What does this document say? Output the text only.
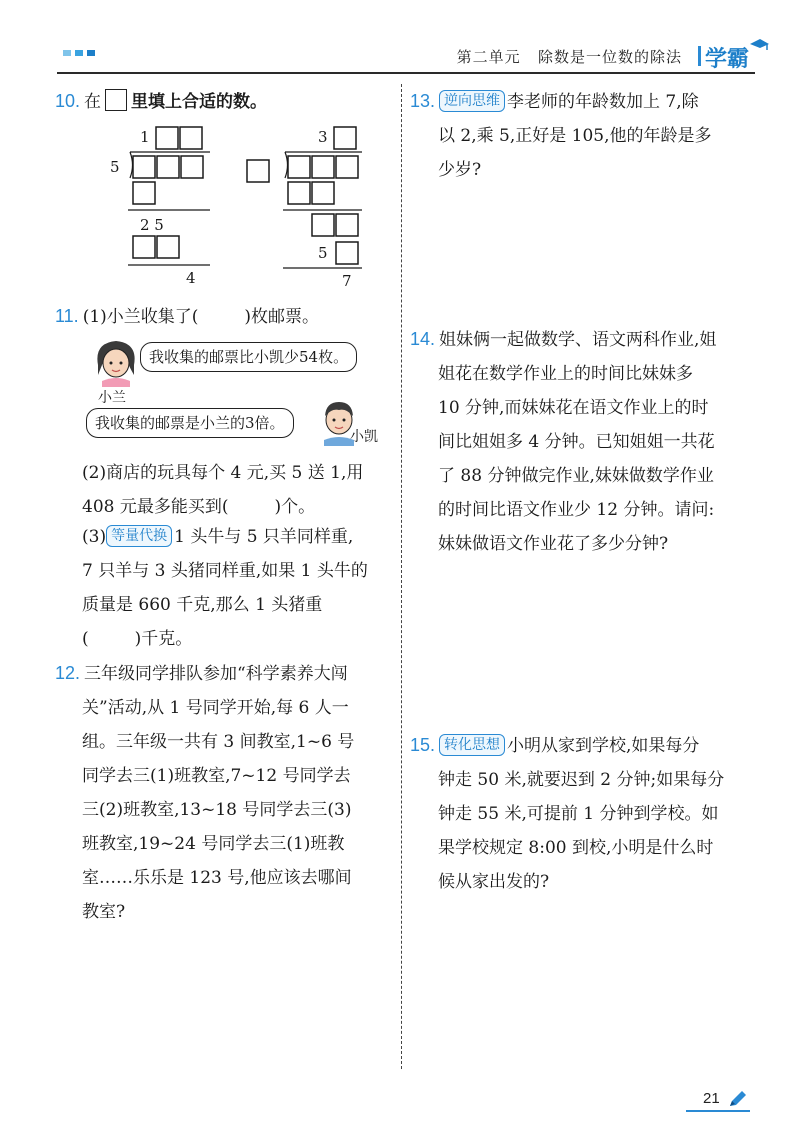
第二单元 除数是一位数的除法 学霸
10. 在 里填上合适的数。
1
5
2 5
4
3
5
7
11. (1)小兰收集了(	)枚邮票。
小兰
我收集的邮票比小凯少54枚。
我收集的邮票是小兰的3倍。
小凯
(2)商店的玩具每个 4 元,买 5 送 1,用
408 元最多能买到(	)个。
(3) 等量代换 1 头牛与 5 只羊同样重,
7 只羊与 3 头猪同样重,如果 1 头牛的
质量是 660 千克,那么 1 头猪重
(	)千克。
12. 三年级同学排队参加“科学素养大闯
关”活动,从 1 号同学开始,每 6 人一
组。三年级一共有 3 间教室,1~6 号
同学去三(1)班教室,7~12 号同学去
三(2)班教室,13~18 号同学去三(3)
班教室,19~24 号同学去三(1)班教
室……乐乐是 123 号,他应该去哪间
教室?
13. 逆向思维 李老师的年龄数加上 7,除
以 2,乘 5,正好是 105,他的年龄是多
少岁?
14. 姐妹俩一起做数学、语文两科作业,姐
姐花在数学作业上的时间比妹妹多
10 分钟,而妹妹花在语文作业上的时
间比姐姐多 4 分钟。已知姐姐一共花
了 88 分钟做完作业,妹妹做数学作业
的时间比语文作业少 12 分钟。请问:
妹妹做语文作业花了多少分钟?
15. 转化思想 小明从家到学校,如果每分
钟走 50 米,就要迟到 2 分钟;如果每分
钟走 55 米,可提前 1 分钟到学校。如
果学校规定 8:00 到校,小明是什么时
候从家出发的?
21
